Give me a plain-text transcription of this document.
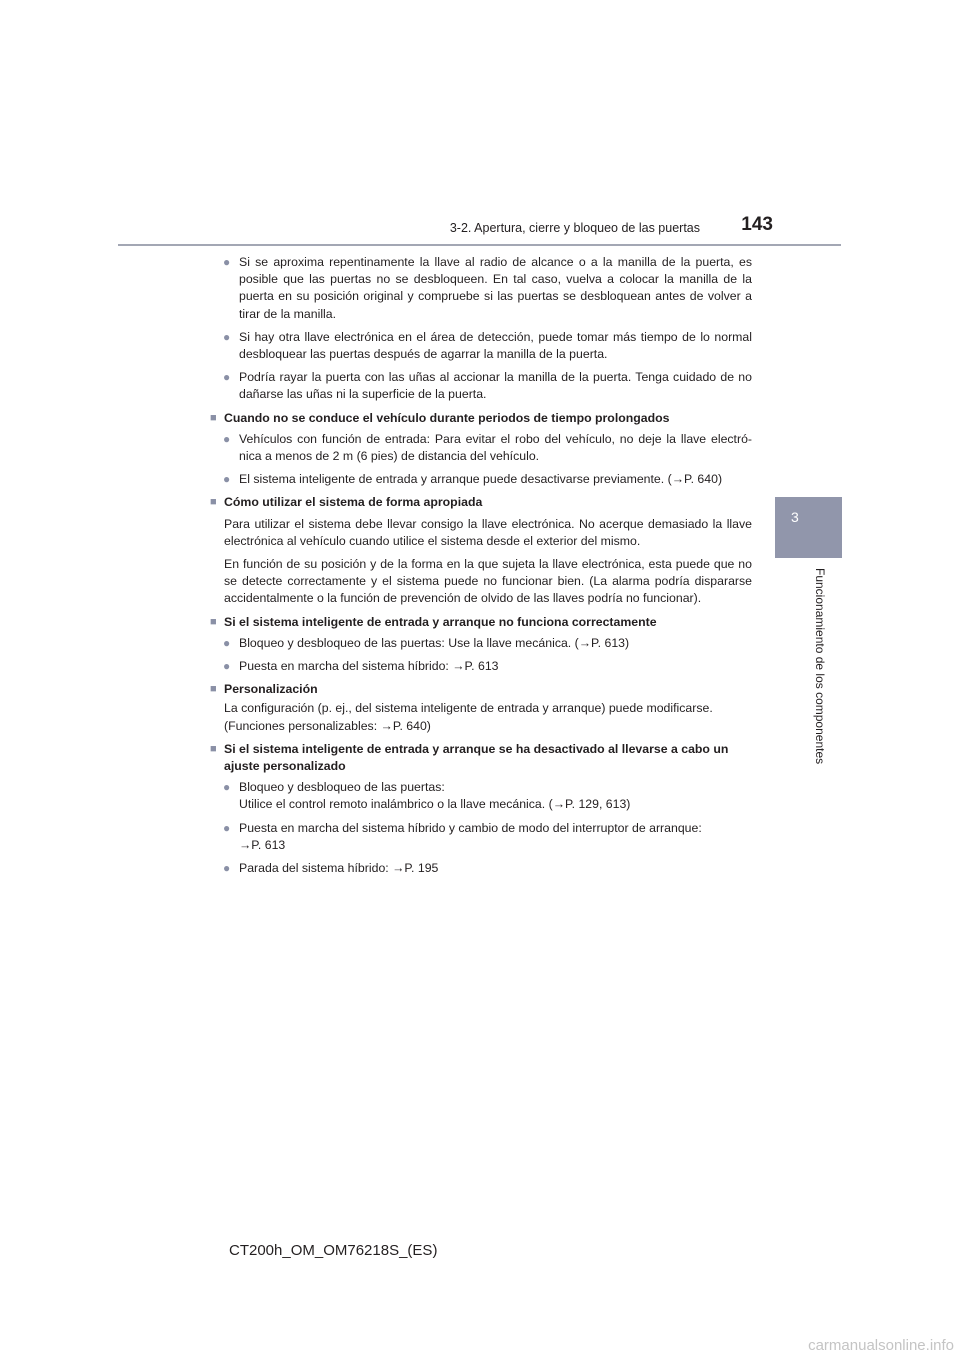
3-2. Apertura, cierre y bloqueo de las puertas	143
3
Funcionamiento de los componentes

● Si se aproxima repentinamente la llave al radio de alcance o a la manilla de la puerta, es posible que las puertas no se desbloqueen. En tal caso, vuelva a colocar la manilla de la puerta en su posición original y compruebe si las puertas se desbloquean antes de volver a tirar de la manilla.

● Si hay otra llave electrónica en el área de detección, puede tomar más tiempo de lo normal desbloquear las puertas después de agarrar la manilla de la puerta.

● Podría rayar la puerta con las uñas al accionar la manilla de la puerta. Tenga cuidado de no dañarse las uñas ni la superficie de la puerta.

■ Cuando no se conduce el vehículo durante periodos de tiempo prolongados

● Vehículos con función de entrada: Para evitar el robo del vehículo, no deje la llave electró- nica a menos de 2 m (6 pies) de distancia del vehículo.

● El sistema inteligente de entrada y arranque puede desactivarse previamente. (→P. 640)

■ Cómo utilizar el sistema de forma apropiada

Para utilizar el sistema debe llevar consigo la llave electrónica. No acerque demasiado la llave electrónica al vehículo cuando utilice el sistema desde el exterior del mismo.

En función de su posición y de la forma en la que sujeta la llave electrónica, esta puede que no se detecte correctamente y el sistema puede no funcionar bien. (La alarma podría dispararse accidentalmente o la función de prevención de olvido de las llaves podría no funcionar).

■ Si el sistema inteligente de entrada y arranque no funciona correctamente

● Bloqueo y desbloqueo de las puertas: Use la llave mecánica. (→P. 613)

● Puesta en marcha del sistema híbrido: →P. 613

■ Personalización

La configuración (p. ej., del sistema inteligente de entrada y arranque) puede modificarse.

(Funciones personalizables: →P. 640)

■ Si el sistema inteligente de entrada y arranque se ha desactivado al llevarse a cabo un ajuste personalizado

● Bloqueo y desbloqueo de las puertas:
Utilice el control remoto inalámbrico o la llave mecánica. (→P. 129, 613)

● Puesta en marcha del sistema híbrido y cambio de modo del interruptor de arranque:
→P. 613

● Parada del sistema híbrido: →P. 195

CT200h_OM_OM76218S_(ES)
carmanualsonline.info
